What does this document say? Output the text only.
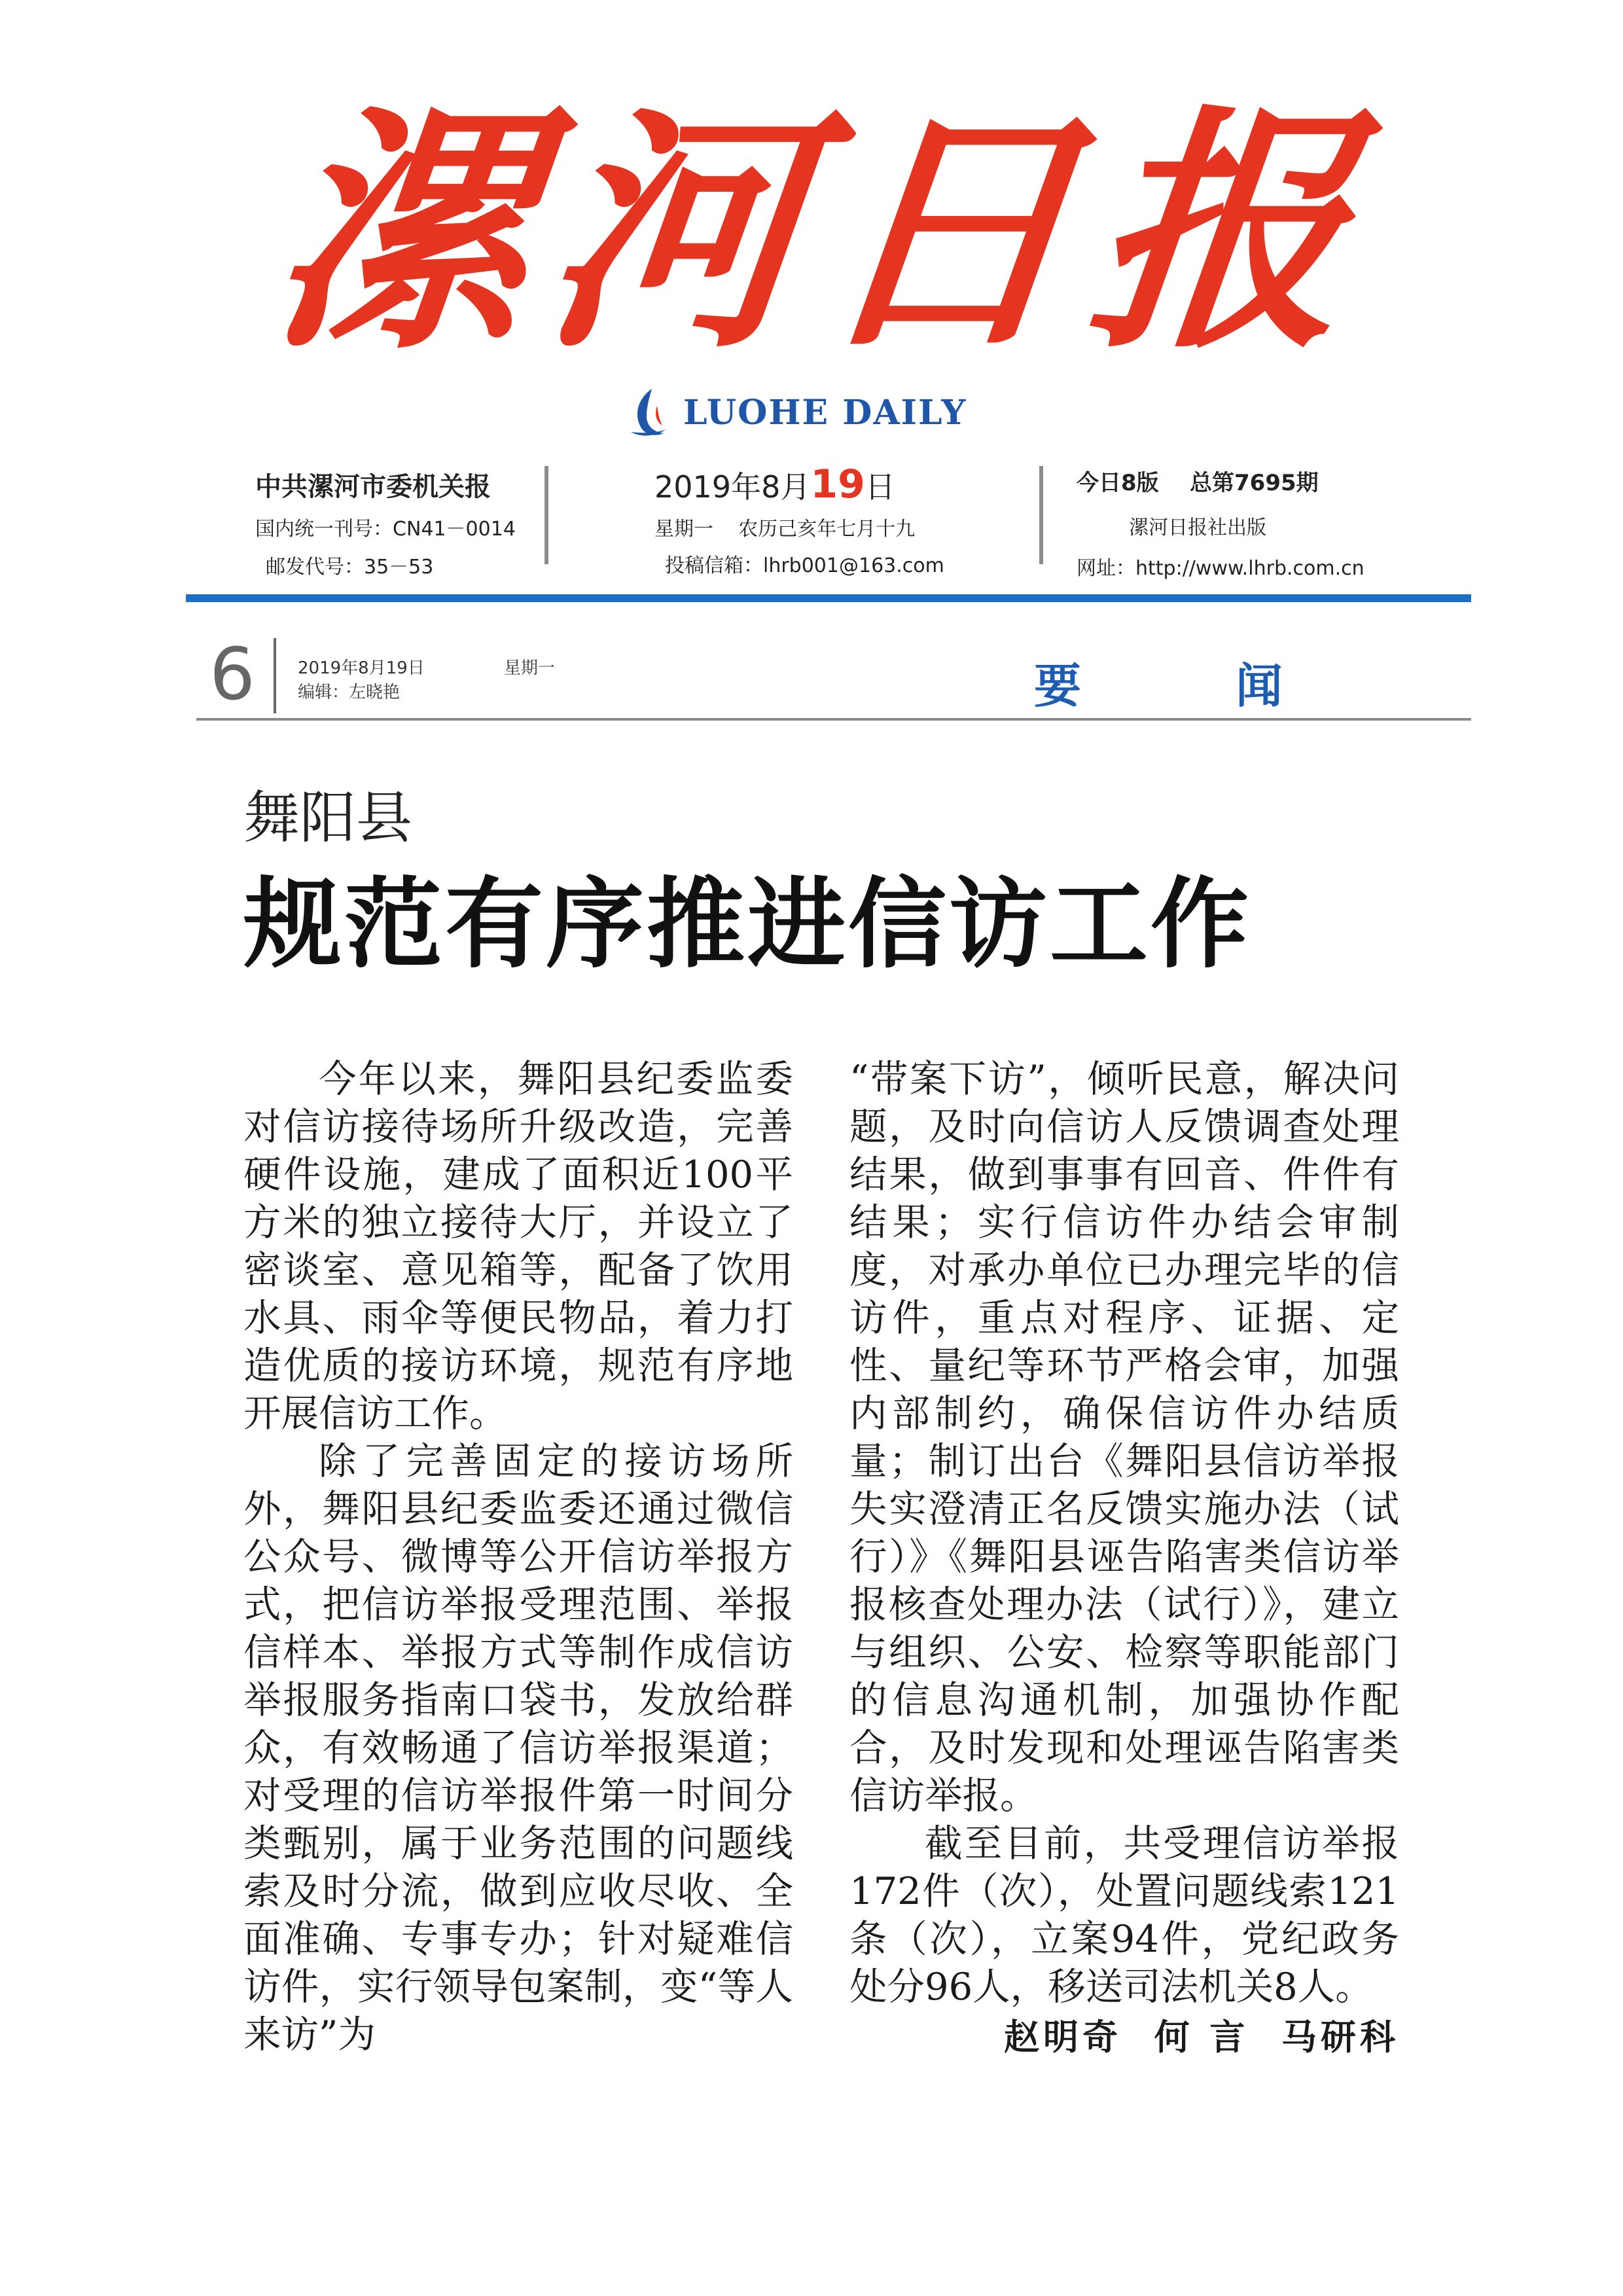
漯
河
日
报
LUOHE DAILY
中共漯河市委机关报
国内统一刊号：CN41－0014
邮发代号：35－53
2019年8月19日
星期一    农历己亥年七月十九
投稿信箱：lhrb001@163.com
今日8版    总第7695期
漯河日报社出版
网址：http://www.lhrb.com.cn
6	2019年8月19日	星期一
编辑：左晓艳	要	闻
舞阳县
规范有序推进信访工作

今年以来，舞阳县纪委监委对信访接待场所升级改造，完善硬件设施，建成了面积近100平方米的独立接待大厅，并设立了密谈室、意见箱等，配备了饮用水具、雨伞等便民物品，着力打造优质的接访环境，规范有序地开展信访工作。

除了完善固定的接访场所外，舞阳县纪委监委还通过微信公众号、微博等公开信访举报方式，把信访举报受理范围、举报信样本、举报方式等制作成信访举报服务指南口袋书，发放给群众，有效畅通了信访举报渠道；对受理的信访举报件第一时间分类甄别，属于业务范围的问题线索及时分流，做到应收尽收、全面准确、专事专办；针对疑难信访件，实行领导包案制，变“等人来访”为

“带案下访”，倾听民意，解决问题，及时向信访人反馈调查处理结果，做到事事有回音、件件有结果；实行信访件办结会审制度，对承办单位已办理完毕的信访件，重点对程序、证据、定性、量纪等环节严格会审，加强内部制约，确保信访件办结质量；制订出台《舞阳县信访举报失实澄清正名反馈实施办法（试行）》《舞阳县诬告陷害类信访举报核查处理办法（试行）》，建立与组织、公安、检察等职能部门的信息沟通机制，加强协作配合，及时发现和处理诬告陷害类信访举报。

截至目前，共受理信访举报172件（次），处置问题线索121条（次），立案94件，党纪政务处分96人，移送司法机关8人。

赵明奇  何 言  马研科
